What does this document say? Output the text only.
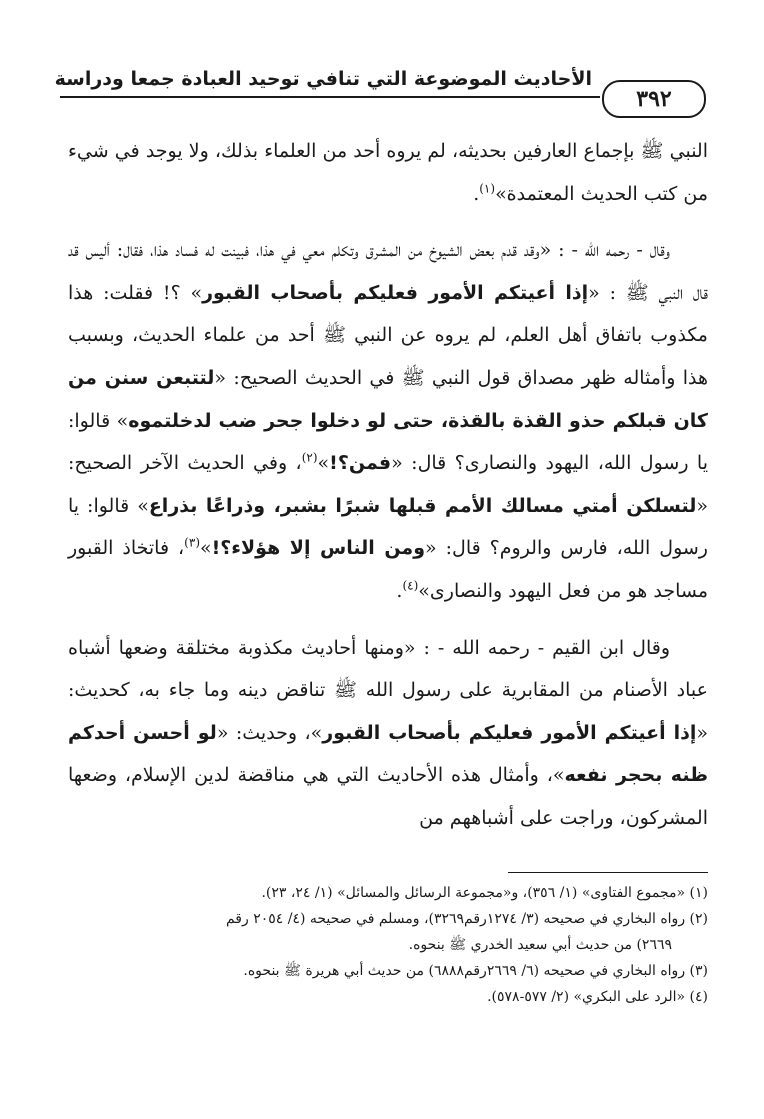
الأحاديث الموضوعة التي تنافي توحيد العبادة جمعا ودراسة
٣٩٢

النبي ﷺ بإجماع العارفين بحديثه، لم يروه أحد من العلماء بذلك، ولا يوجد في شيء من كتب الحديث المعتمدة»$^{(١)}$.

وقال - رحمه الله - : «وقد قدم بعض الشيوخ من المشرق وتكلم معي في هذا، فبينت له فساد هذا، فقال: أليس قد قال النبي ﷺ : «إذا أعيتكم الأمور فعليكم بأصحاب القبور» ؟! فقلت: هذا مكذوب باتفاق أهل العلم، لم يروه عن النبي ﷺ أحد من علماء الحديث، وبسبب هذا وأمثاله ظهر مصداق قول النبي ﷺ في الحديث الصحيح: «لتتبعن سنن من كان قبلكم حذو القذة بالقذة، حتى لو دخلوا جحر ضب لدخلتموه» قالوا: يا رسول الله، اليهود والنصارى؟ قال: «فمن؟!»$^{(٢)}$، وفي الحديث الآخر الصحيح: «لتسلكن أمتي مسالك الأمم قبلها شبرًا بشبر، وذراعًا بذراع» قالوا: يا رسول الله، فارس والروم؟ قال: «ومن الناس إلا هؤلاء؟!»$^{(٣)}$، فاتخاذ القبور مساجد هو من فعل اليهود والنصارى»$^{(٤)}$.

وقال ابن القيم - رحمه الله - : «ومنها أحاديث مكذوبة مختلقة وضعها أشباه عباد الأصنام من المقابرية على رسول الله ﷺ تناقض دينه وما جاء به، كحديث: «إذا أعيتكم الأمور فعليكم بأصحاب القبور»، وحديث: «لو أحسن أحدكم ظنه بحجر نفعه»، وأمثال هذه الأحاديث التي هي مناقضة لدين الإسلام، وضعها المشركون، وراجت على أشباههم من

(١) «مجموع الفتاوى» (١/ ٣٥٦)، و«مجموعة الرسائل والمسائل» (١/ ٢٤، ٢٣).

(٢) رواه البخاري في صحيحه (٣/ ١٢٧٤رقم٣٢٦٩)، ومسلم في صحيحه (٤/ ٢٠٥٤ رقم

٢٦٦٩) من حديث أبي سعيد الخدري ﷺ بنحوه.

(٣) رواه البخاري في صحيحه (٦/ ٢٦٦٩رقم٦٨٨٨) من حديث أبي هريرة ﷺ بنحوه.

(٤) «الرد على البكري» (٢/ ٥٧٧-٥٧٨).
